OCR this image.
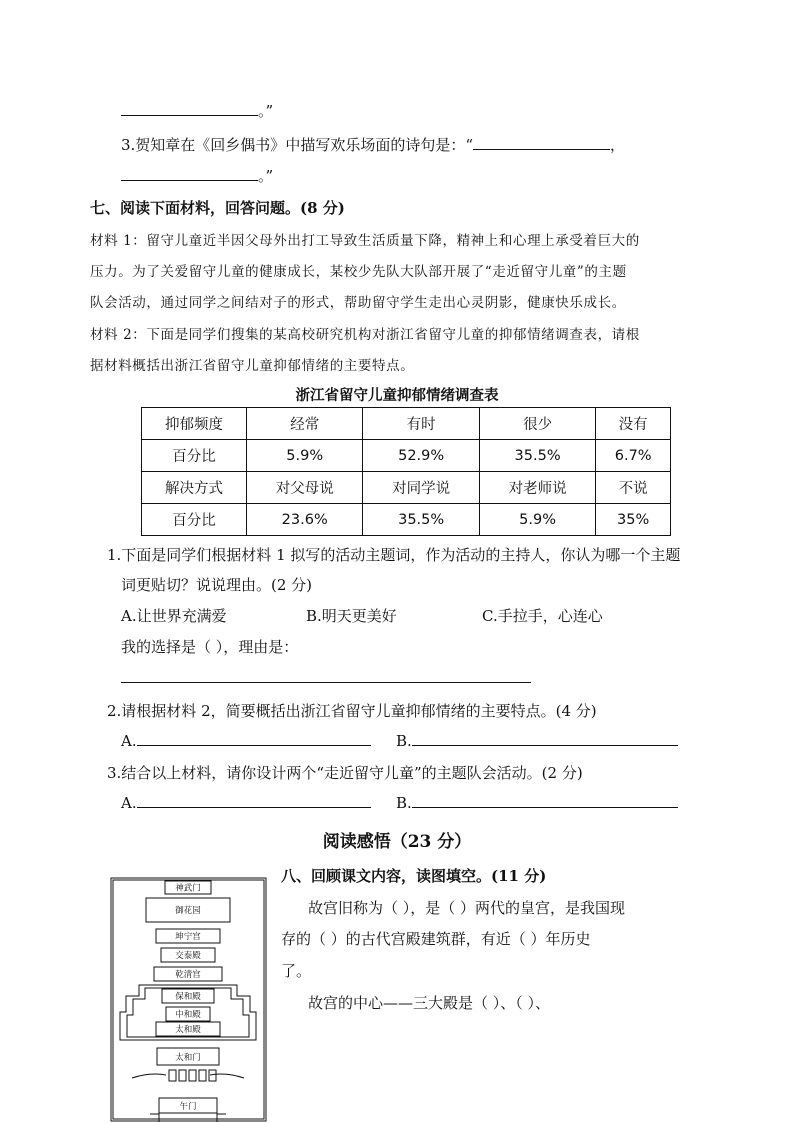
。”
3.贺知章在《回乡偶书》中描写欢乐场面的诗句是：“	，
。”
七、阅读下面材料，回答问题。(8 分)
材料 1：留守儿童近半因父母外出打工导致生活质量下降，精神上和心理上承受着巨大的
压力。为了关爱留守儿童的健康成长，某校少先队大队部开展了“走近留守儿童”的主题
队会活动，通过同学之间结对子的形式，帮助留守学生走出心灵阴影，健康快乐成长。
材料 2：下面是同学们搜集的某高校研究机构对浙江省留守儿童的抑郁情绪调查表，请根
据材料概括出浙江省留守儿童抑郁情绪的主要特点。
浙江省留守儿童抑郁情绪调查表
抑郁频度	经常	有时	很少	没有
百分比	5.9%	52.9%	35.5%	6.7%
解决方式	对父母说	对同学说	对老师说	不说
百分比	23.6%	35.5%	5.9%	35%
1.下面是同学们根据材料 1 拟写的活动主题词，作为活动的主持人，你认为哪一个主题
词更贴切？说说理由。(2 分)
A.让世界充满爱	B.明天更美好	C.手拉手，心连心
我的选择是（ ），理由是：
2.请根据材料 2，简要概括出浙江省留守儿童抑郁情绪的主要特点。(4 分)
A.	B.
3.结合以上材料，请你设计两个“走近留守儿童”的主题队会活动。(2 分)
A.	B.
阅读感悟（23 分）
八、回顾课文内容，读图填空。(11 分)
故宫旧称为（ ），是（ ）两代的皇宫，是我国现
存的（ ）的古代宫殿建筑群，有近（ ）年历史
了。
故宫的中心——三大殿是（ ）、（ ）、
神武门
御花园
坤宁宫
交泰殿
乾清宫
保和殿
中和殿
太和殿
太和门
午门
